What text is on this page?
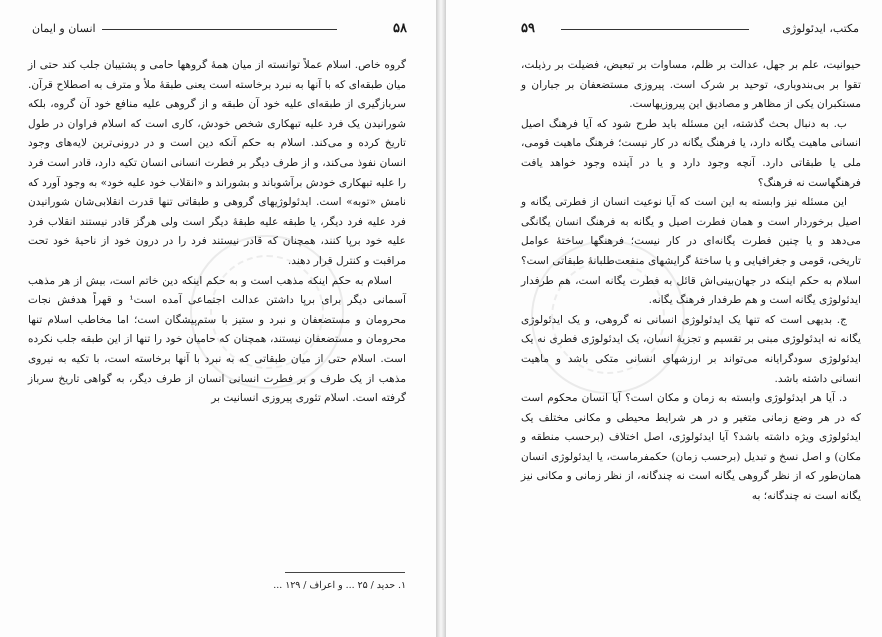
۵۸
انسان و ایمان

گروه خاص. اسلام عملاً توانسته از میان همهٔ گروهها حامی و پشتیبان جلب کند حتی از میان طبقه‌ای که با آنها به نبرد برخاسته است یعنی طبقهٔ ملأ و مترف به اصطلاح قرآن. سربازگیری از طبقه‌ای علیه خود آن طبقه و از گروهی علیه منافع خود آن گروه، بلکه شورانیدن یک فرد علیه تبهکاری شخص خودش، کاری است که اسلام فراوان در طول تاریخ کرده و می‌کند. اسلام به حکم آنکه دین است و در درونی‌ترین لایه‌های وجود انسان نفوذ می‌کند، و از طرف دیگر بر فطرت انسانی انسان تکیه دارد، قادر است فرد را علیه تبهکاری خودش برآشوباند و بشوراند و «انقلاب خود علیه خود» به وجود آورد که نامش «توبه» است. ایدئولوژیهای گروهی و طبقاتی تنها قدرت انقلابی‌شان شورانیدن فرد علیه فرد دیگر، یا طبقه علیه طبقهٔ دیگر است ولی هرگز قادر نیستند انقلاب فرد علیه خود برپا کنند، همچنان که قادر نیستند فرد را در درون خود از ناحیهٔ خود تحت مراقبت و کنترل قرار دهند.

اسلام به حکم اینکه مذهب است و به حکم اینکه دین خاتم است، بیش از هر مذهب آسمانی دیگر برای برپا داشتن عدالت اجتماعی آمده است¹ و قهراً هدفش نجات محرومان و مستضعفان و نبرد و ستیز با ستم‌پیشگان است؛ اما مخاطب اسلام تنها محرومان و مستضعفان نیستند، همچنان که حامیان خود را تنها از این طبقه جلب نکرده است. اسلام حتی از میان طبقاتی که به نبرد با آنها برخاسته است، با تکیه به نیروی مذهب از یک طرف و بر فطرت انسانی انسان از طرف دیگر، به گواهی تاریخ سرباز گرفته است. اسلام تئوری پیروزی انسانیت بر

١. حدید / ٢۵ ... و اعراف / ١٢٩ ...
مکتب، ایدئولوژی
۵۹

حیوانیت، علم بر جهل، عدالت بر ظلم، مساوات بر تبعیض، فضیلت بر رذیلت، تقوا بر بی‌بندوباری، توحید بر شرک است. پیروزی مستضعفان بر جباران و مستکبران یکی از مظاهر و مصادیق این پیروزیهاست.

ب. به دنبال بحث گذشته، این مسئله باید طرح شود که آیا فرهنگ اصیل انسانی ماهیت یگانه دارد، یا فرهنگ یگانه در کار نیست؛ فرهنگ ماهیت قومی، ملی یا طبقاتی دارد. آنچه وجود دارد و یا در آینده وجود خواهد یافت فرهنگهاست نه فرهنگ؟

این مسئله نیز وابسته به این است که آیا نوعیت انسان از فطرتی یگانه و اصیل برخوردار است و همان فطرت اصیل و یگانه به فرهنگ انسان یگانگی می‌دهد و یا چنین فطرت یگانه‌ای در کار نیست؛ فرهنگها ساختهٔ عوامل تاریخی، قومی و جغرافیایی و یا ساختهٔ گرایشهای منفعت‌طلبانهٔ طبقاتی است؟ اسلام به حکم اینکه در جهان‌بینی‌اش قائل به فطرت یگانه است، هم طرفدار ایدئولوژی یگانه است و هم طرفدار فرهنگ یگانه.

ج. بدیهی است که تنها یک ایدئولوژی انسانی نه گروهی، و یک ایدئولوژی یگانه نه ایدئولوژی مبنی بر تقسیم و تجزیهٔ انسان، یک ایدئولوژی فطری نه یک ایدئولوژی سودگرایانه می‌تواند بر ارزشهای انسانی متکی باشد و ماهیت انسانی داشته باشد.

د. آیا هر ایدئولوژی وابسته به زمان و مکان است؟ آیا انسان محکوم است که در هر وضع زمانی متغیر و در هر شرایط محیطی و مکانی مختلف یک ایدئولوژی ویژه داشته باشد؟ آیا ایدئولوژی، اصل اختلاف (برحسب منطقه و مکان) و اصل نسخ و تبدیل (برحسب زمان) حکمفرماست، یا ایدئولوژی انسان همان‌طور که از نظر گروهی یگانه است نه چندگانه، از نظر زمانی و مکانی نیز یگانه است نه چندگانه؛ به
